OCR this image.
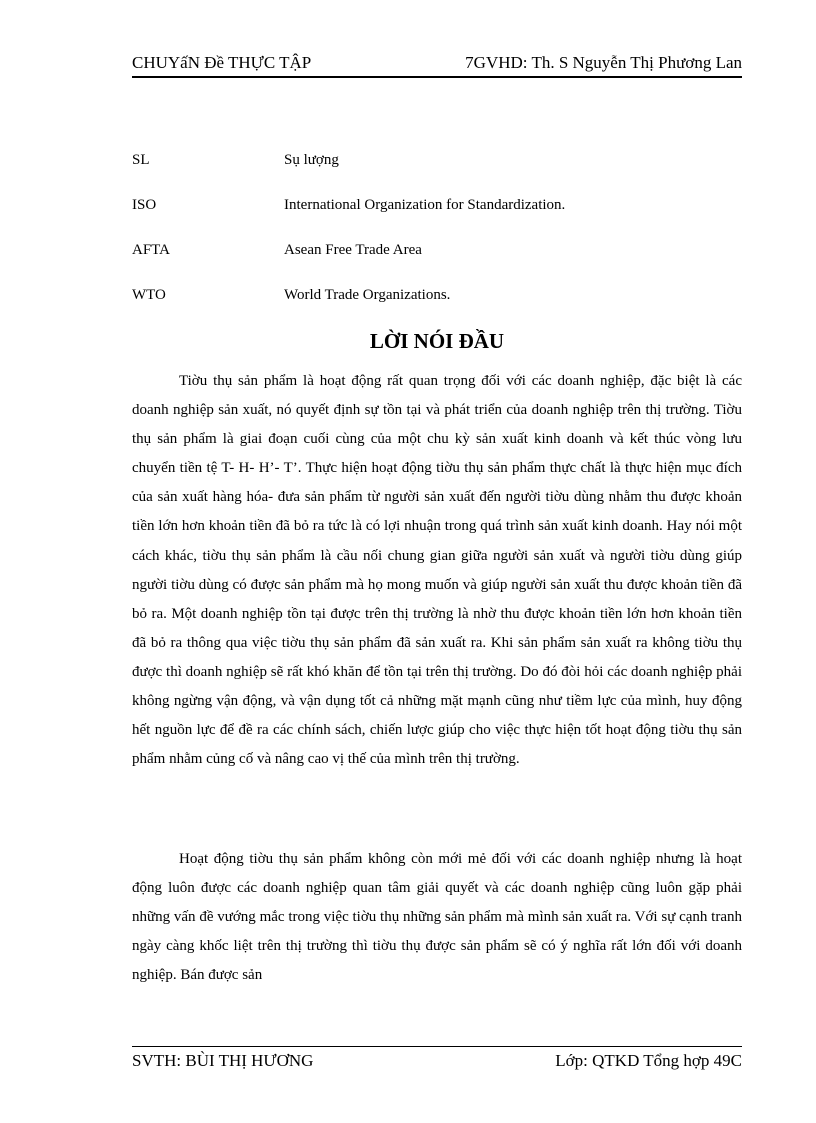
CHUYấN Đề THỰC TẬP	7GVHD: Th. S Nguyễn Thị Phương Lan
SL	Sụ lượng
ISO	International Organization for Standardization.
AFTA	Asean Free Trade Area
WTO	World Trade Organizations.
LỜI NÓI ĐẦU

Tiờu thụ sản phẩm là hoạt động rất quan trọng đối với các doanh nghiệp, đặc biệt là các doanh nghiệp sản xuất, nó quyết định sự tồn tại và phát triển của doanh nghiệp trên thị trường. Tiờu thụ sản phẩm là giai đoạn cuối cùng của một chu kỳ sản xuất kinh doanh và kết thúc vòng lưu chuyển tiền tệ T- H- H’- T’. Thực hiện hoạt động tiờu thụ sản phẩm thực chất là thực hiện mục đích của sản xuất hàng hóa- đưa sản phẩm từ người sản xuất đến người tiờu dùng nhằm thu được khoản tiền lớn hơn khoản tiền đã bỏ ra tức là có lợi nhuận trong quá trình sản xuất kinh doanh. Hay nói một cách khác, tiờu thụ sản phẩm là cầu nối chung gian giữa người sản xuất và người tiờu dùng giúp người tiờu dùng có được sản phẩm mà họ mong muốn và giúp người sản xuất thu được khoản tiền đã bỏ ra. Một doanh nghiệp tồn tại được trên thị trường là nhờ thu được khoản tiền lớn hơn khoản tiền đã bỏ ra thông qua việc tiờu thụ sản phẩm đã sản xuất ra. Khi sản phẩm sản xuất ra không tiờu thụ được thì doanh nghiệp sẽ rất khó khăn để tồn tại trên thị trường. Do đó đòi hỏi các doanh nghiệp phải không ngừng vận động, và vận dụng tốt cả những mặt mạnh cũng như tiềm lực của mình, huy động hết nguồn lực để đề ra các chính sách, chiến lược giúp cho việc thực hiện tốt hoạt động tiờu thụ sản phẩm nhằm củng cố và nâng cao vị thế của mình trên thị trường.

Hoạt động tiờu thụ sản phẩm không còn mới mẻ đối với các doanh nghiệp nhưng là hoạt động luôn được các doanh nghiệp quan tâm giải quyết và các doanh nghiệp cũng luôn gặp phải những vấn đề vướng mắc trong việc tiờu thụ những sản phẩm mà mình sản xuất ra. Với sự cạnh tranh ngày càng khốc liệt trên thị trường thì tiờu thụ được sản phẩm sẽ có ý nghĩa rất lớn đối với doanh nghiệp. Bán được sản

SVTH: BÙI THỊ HƯƠNG	Lớp: QTKD Tổng hợp 49C
